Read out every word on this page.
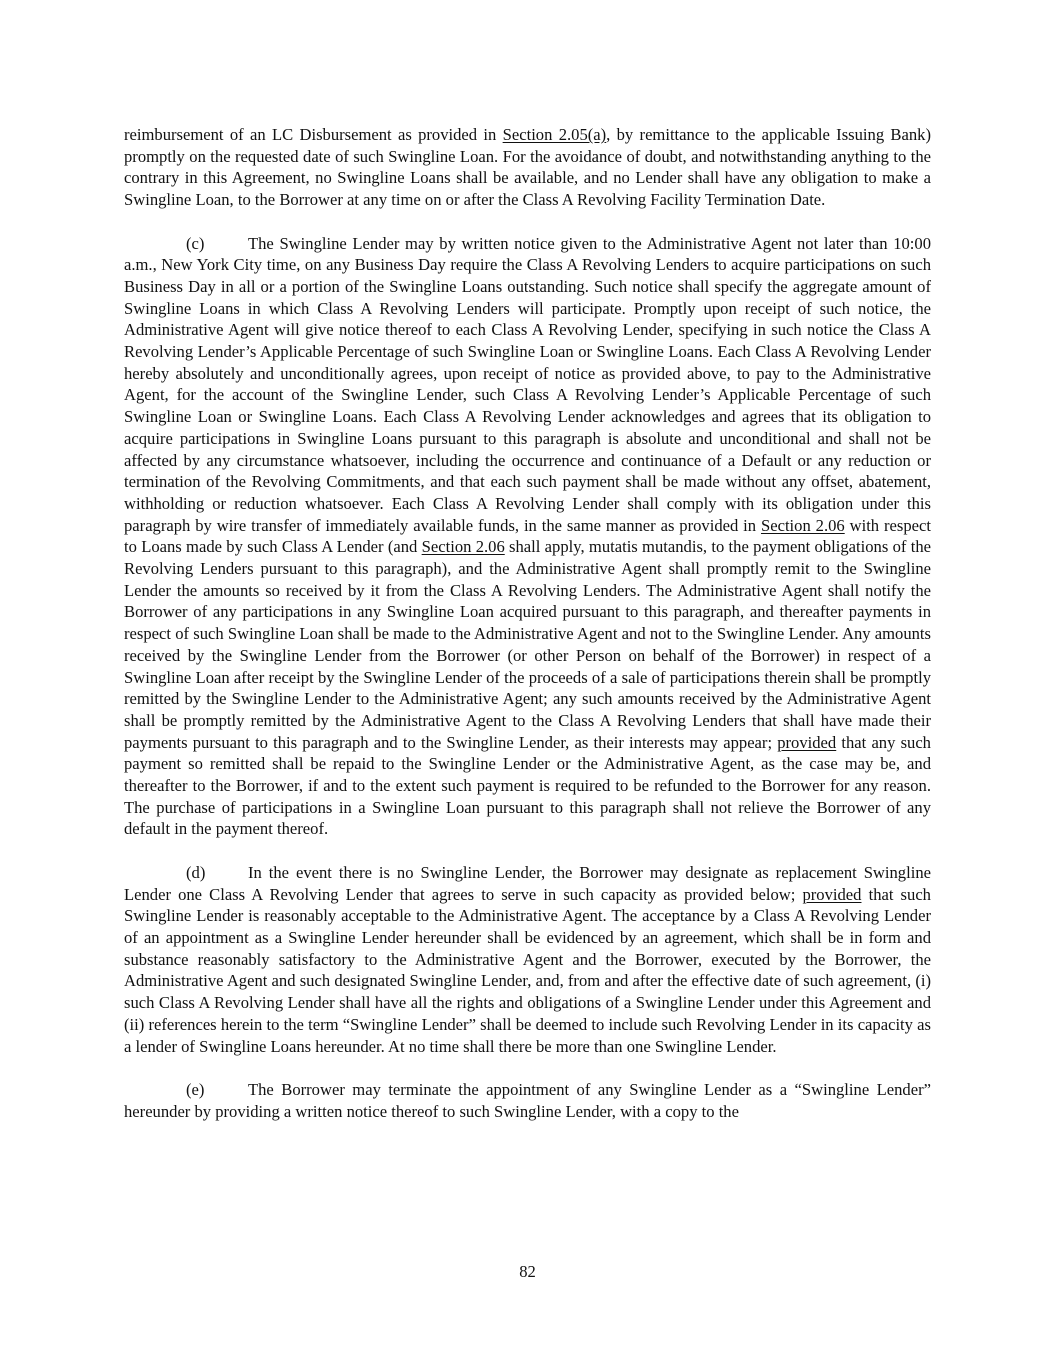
reimbursement of an LC Disbursement as provided in Section 2.05(a), by remittance to the applicable Issuing Bank) promptly on the requested date of such Swingline Loan. For the avoidance of doubt, and notwithstanding anything to the contrary in this Agreement, no Swingline Loans shall be available, and no Lender shall have any obligation to make a Swingline Loan, to the Borrower at any time on or after the Class A Revolving Facility Termination Date.

(c)	The Swingline Lender may by written notice given to the Administrative Agent not later than 10:00 a.m., New York City time, on any Business Day require the Class A Revolving Lenders to acquire participations on such Business Day in all or a portion of the Swingline Loans outstanding. Such notice shall specify the aggregate amount of Swingline Loans in which Class A Revolving Lenders will participate. Promptly upon receipt of such notice, the Administrative Agent will give notice thereof to each Class A Revolving Lender, specifying in such notice the Class A Revolving Lender’s Applicable Percentage of such Swingline Loan or Swingline Loans. Each Class A Revolving Lender hereby absolutely and unconditionally agrees, upon receipt of notice as provided above, to pay to the Administrative Agent, for the account of the Swingline Lender, such Class A Revolving Lender’s Applicable Percentage of such Swingline Loan or Swingline Loans. Each Class A Revolving Lender acknowledges and agrees that its obligation to acquire participations in Swingline Loans pursuant to this paragraph is absolute and unconditional and shall not be affected by any circumstance whatsoever, including the occurrence and continuance of a Default or any reduction or termination of the Revolving Commitments, and that each such payment shall be made without any offset, abatement, withholding or reduction whatsoever. Each Class A Revolving Lender shall comply with its obligation under this paragraph by wire transfer of immediately available funds, in the same manner as provided in Section 2.06 with respect to Loans made by such Class A Lender (and Section 2.06 shall apply, mutatis mutandis, to the payment obligations of the Revolving Lenders pursuant to this paragraph), and the Administrative Agent shall promptly remit to the Swingline Lender the amounts so received by it from the Class A Revolving Lenders. The Administrative Agent shall notify the Borrower of any participations in any Swingline Loan acquired pursuant to this paragraph, and thereafter payments in respect of such Swingline Loan shall be made to the Administrative Agent and not to the Swingline Lender. Any amounts received by the Swingline Lender from the Borrower (or other Person on behalf of the Borrower) in respect of a Swingline Loan after receipt by the Swingline Lender of the proceeds of a sale of participations therein shall be promptly remitted by the Swingline Lender to the Administrative Agent; any such amounts received by the Administrative Agent shall be promptly remitted by the Administrative Agent to the Class A Revolving Lenders that shall have made their payments pursuant to this paragraph and to the Swingline Lender, as their interests may appear; provided that any such payment so remitted shall be repaid to the Swingline Lender or the Administrative Agent, as the case may be, and thereafter to the Borrower, if and to the extent such payment is required to be refunded to the Borrower for any reason. The purchase of participations in a Swingline Loan pursuant to this paragraph shall not relieve the Borrower of any default in the payment thereof.

(d)	In the event there is no Swingline Lender, the Borrower may designate as replacement Swingline Lender one Class A Revolving Lender that agrees to serve in such capacity as provided below; provided that such Swingline Lender is reasonably acceptable to the Administrative Agent. The acceptance by a Class A Revolving Lender of an appointment as a Swingline Lender hereunder shall be evidenced by an agreement, which shall be in form and substance reasonably satisfactory to the Administrative Agent and the Borrower, executed by the Borrower, the Administrative Agent and such designated Swingline Lender, and, from and after the effective date of such agreement, (i) such Class A Revolving Lender shall have all the rights and obligations of a Swingline Lender under this Agreement and (ii) references herein to the term “Swingline Lender” shall be deemed to include such Revolving Lender in its capacity as a lender of Swingline Loans hereunder. At no time shall there be more than one Swingline Lender.

(e)	The Borrower may terminate the appointment of any Swingline Lender as a “Swingline Lender” hereunder by providing a written notice thereof to such Swingline Lender, with a copy to the

82
